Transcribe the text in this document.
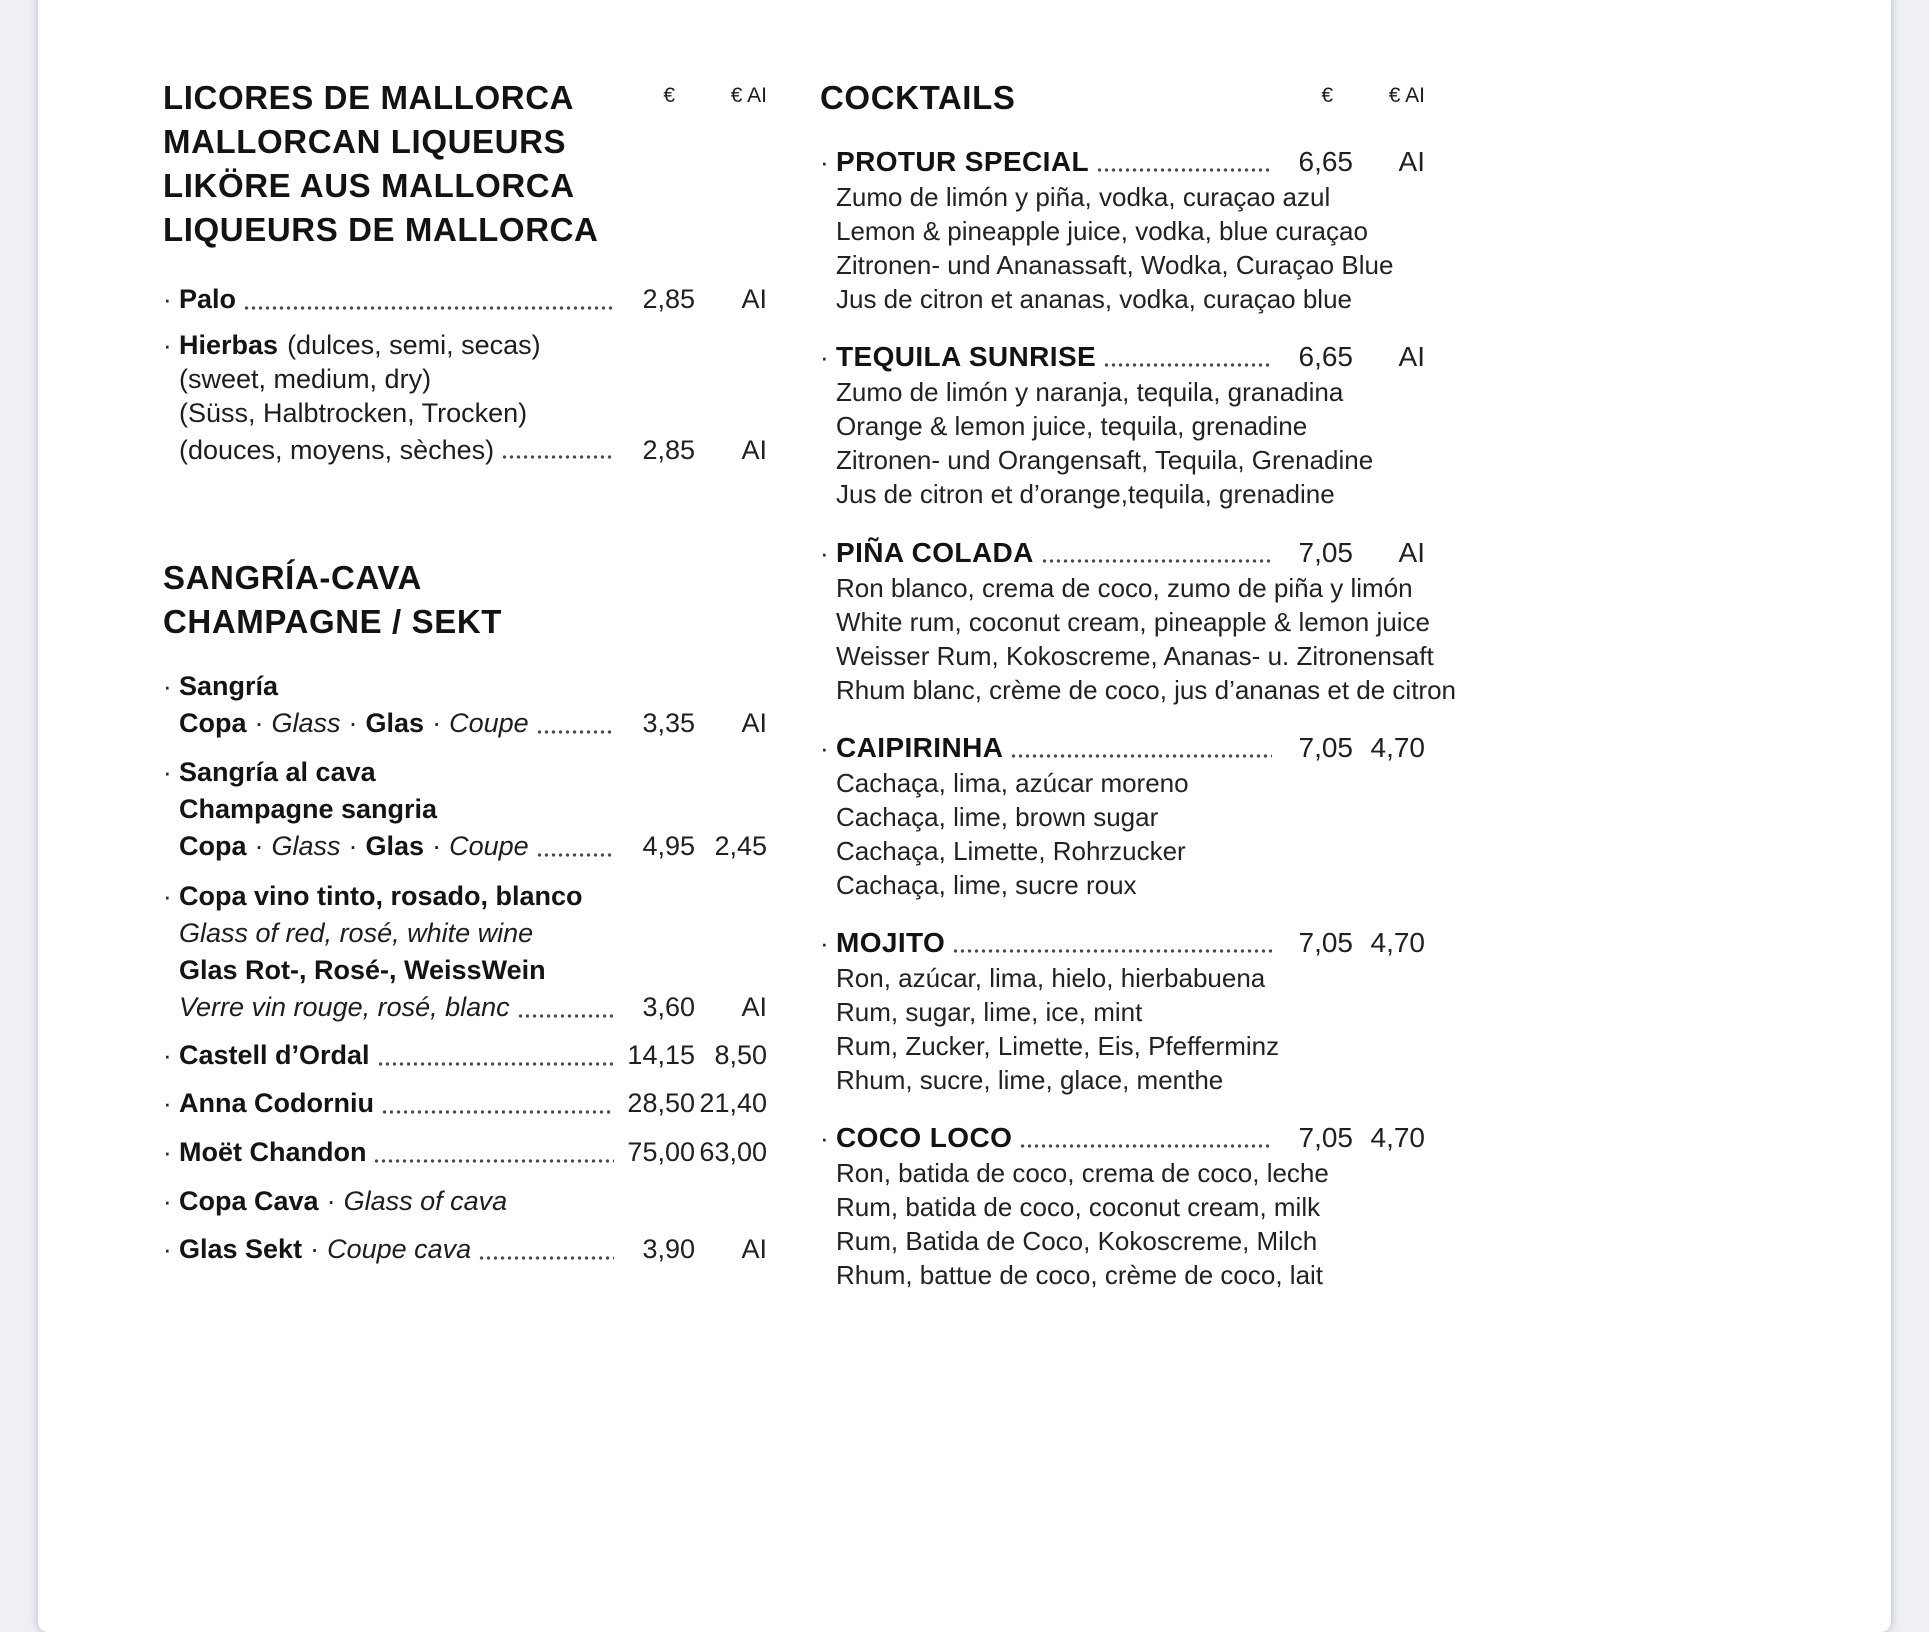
€	€ AI
LICORES DE MALLORCA
MALLORCAN LIQUEURS
LIKÖRE AUS MALLORCA
LIQUEURS DE MALLORCA
· Palo	2,85	AI
· Hierbas (dulces, semi, secas)
(sweet, medium, dry)
(Süss, Halbtrocken, Trocken)
(douces, moyens, sèches)	2,85	AI
SANGRÍA-CAVA
CHAMPAGNE / SEKT
· Sangría
Copa · Glass · Glas · Coupe	3,35	AI
· Sangría al cava
Champagne sangria
Copa · Glass · Glas · Coupe	4,95 2,45
· Copa vino tinto, rosado, blanco
Glass of red, rosé, white wine
Glas Rot-, Rosé-, WeissWein
Verre vin rouge, rosé, blanc	3,60	AI
· Castell d’Ordal	14,15 8,50
· Anna Codorniu	28,50 21,40
· Moët Chandon	75,00 63,00
· Copa Cava · Glass of cava
· Glas Sekt · Coupe cava	3,90	AI
€	€ AI
COCKTAILS
· PROTUR SPECIAL	6,65	AI
Zumo de limón y piña, vodka, curaçao azul
Lemon & pineapple juice, vodka, blue curaçao
Zitronen- und Ananassaft, Wodka, Curaçao Blue
Jus de citron et ananas, vodka, curaçao blue
· TEQUILA SUNRISE	6,65	AI
Zumo de limón y naranja, tequila, granadina
Orange & lemon juice, tequila, grenadine
Zitronen- und Orangensaft, Tequila, Grenadine
Jus de citron et d’orange,tequila, grenadine
· PIÑA COLADA	7,05	AI
Ron blanco, crema de coco, zumo de piña y limón
White rum, coconut cream, pineapple & lemon juice
Weisser Rum, Kokoscreme, Ananas- u. Zitronensaft
Rhum blanc, crème de coco, jus d’ananas et de citron
· CAIPIRINHA	7,05 4,70
Cachaça, lima, azúcar moreno
Cachaça, lime, brown sugar
Cachaça, Limette, Rohrzucker
Cachaça, lime, sucre roux
· MOJITO	7,05 4,70
Ron, azúcar, lima, hielo, hierbabuena
Rum, sugar, lime, ice, mint
Rum, Zucker, Limette, Eis, Pfefferminz
Rhum, sucre, lime, glace, menthe
· COCO LOCO	7,05 4,70
Ron, batida de coco, crema de coco, leche
Rum, batida de coco, coconut cream, milk
Rum, Batida de Coco, Kokoscreme, Milch
Rhum, battue de coco, crème de coco, lait
